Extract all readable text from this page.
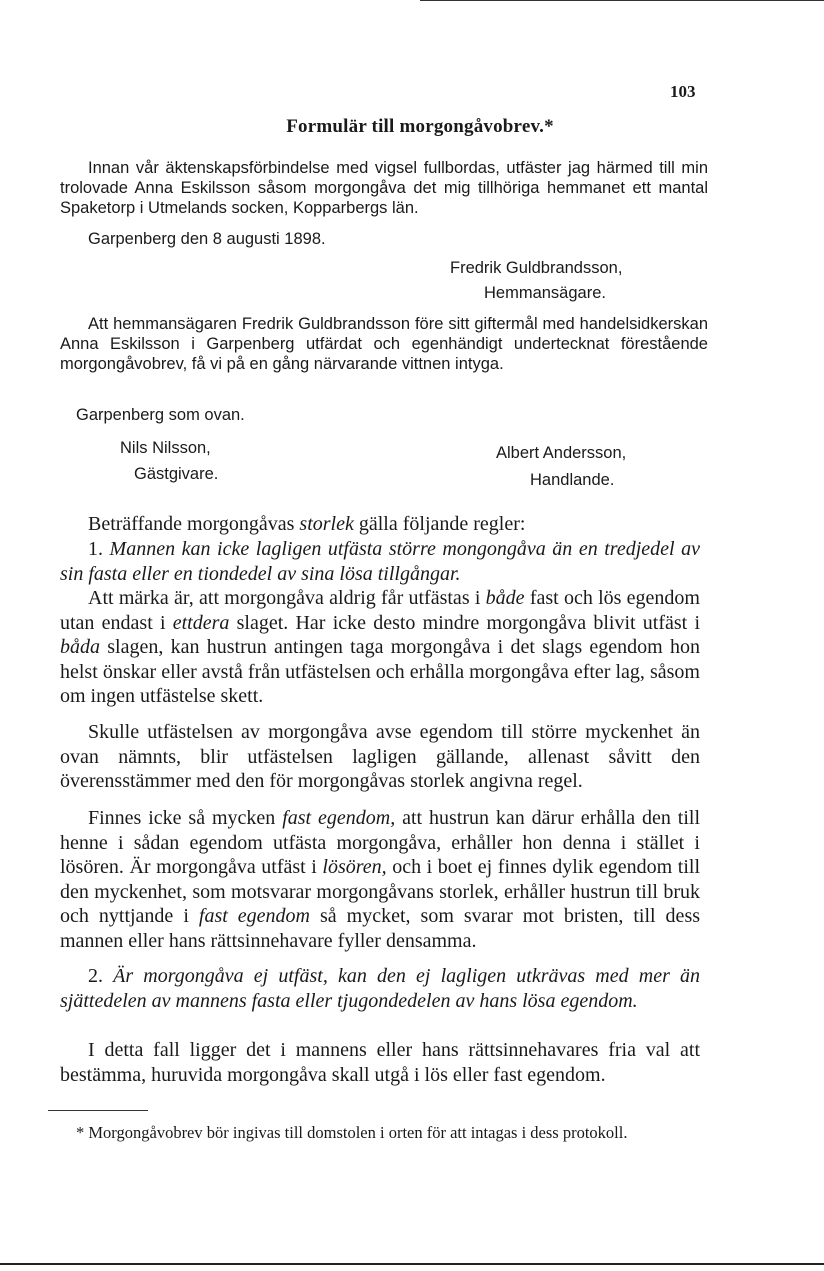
103
Formulär till morgongåvobrev.*

Innan vår äktenskapsförbindelse med vigsel fullbordas, utfäster jag härmed till min trolovade Anna Eskilsson såsom morgongåva det mig tillhöriga hemmanet ett mantal Spaketorp i Utmelands socken, Kopparbergs län.

Garpenberg den 8 augusti 1898.
Fredrik Guldbrandsson,
Hemmansägare.

Att hemmansägaren Fredrik Guldbrandsson före sitt giftermål med handelsidkerskan Anna Eskilsson i Garpenberg utfärdat och egenhändigt undertecknat förestående morgongåvobrev, få vi på en gång närvarande vittnen intyga.

Garpenberg som ovan.
Nils Nilsson,
Gästgivare.
Albert Andersson,
Handlande.

Beträffande morgongåvas storlek gälla följande regler:

1. Mannen kan icke lagligen utfästa större mongongåva än en tredjedel av sin fasta eller en tiondedel av sina lösa tillgångar.

Att märka är, att morgongåva aldrig får utfästas i både fast och lös egendom utan endast i ettdera slaget. Har icke desto mindre morgongåva blivit utfäst i båda slagen, kan hustrun antingen taga morgongåva i det slags egendom hon helst önskar eller avstå från utfästelsen och erhålla morgongåva efter lag, såsom om ingen utfästelse skett.

Skulle utfästelsen av morgongåva avse egendom till större myckenhet än ovan nämnts, blir utfästelsen lagligen gällande, allenast såvitt den överensstämmer med den för morgongåvas storlek angivna regel.

Finnes icke så mycken fast egendom, att hustrun kan därur erhålla den till henne i sådan egendom utfästa morgongåva, erhåller hon denna i stället i lösören. Är morgongåva utfäst i lösören, och i boet ej finnes dylik egendom till den myckenhet, som motsvarar morgongåvans storlek, erhåller hustrun till bruk och nyttjande i fast egendom så mycket, som svarar mot bristen, till dess mannen eller hans rättsinnehavare fyller densamma.

2. Är morgongåva ej utfäst, kan den ej lagligen utkrävas med mer än sjättedelen av mannens fasta eller tjugondedelen av hans lösa egendom.

I detta fall ligger det i mannens eller hans rättsinnehavares fria val att bestämma, huruvida morgongåva skall utgå i lös eller fast egendom.

* Morgongåvobrev bör ingivas till domstolen i orten för att intagas i dess protokoll.
